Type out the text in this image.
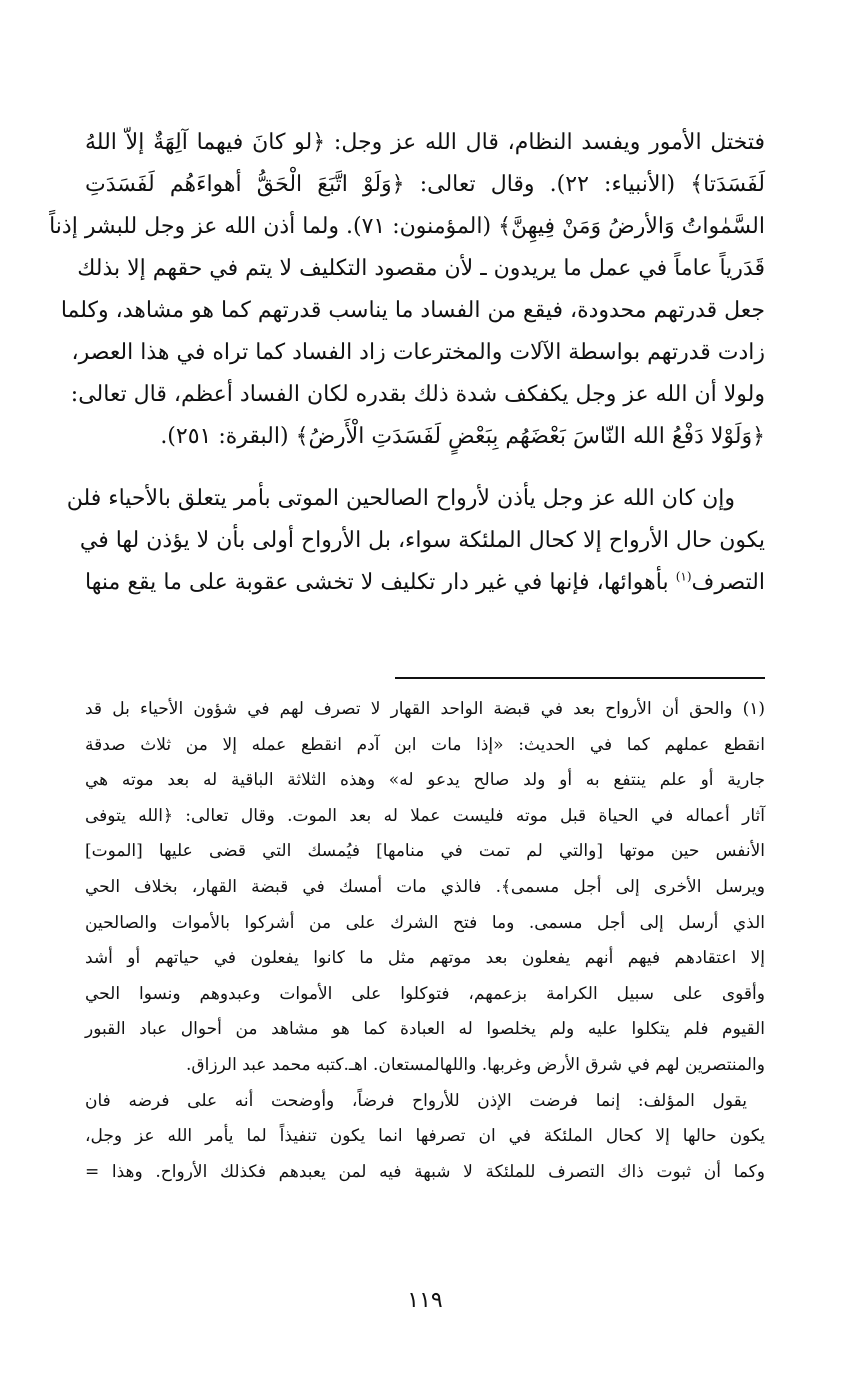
فتختل الأمور ويفسد النظام، قال الله عز وجل: ﴿لو كانَ فيهما آلِهَةٌ إلاّ اللهُ
لَفَسَدَتا﴾ (الأنبياء: ٢٢). وقال تعالى: ﴿وَلَوْ اتَّبَعَ الْحَقُّ أهواءَهُم لَفَسَدَتِ
السَّمٰواتُ وَالأرضُ وَمَنْ فِيهِنَّ﴾ (المؤمنون: ٧١). ولما أذن الله عز وجل للبشر إذناً
قَدَرياً عاماً في عمل ما يريدون ـ لأن مقصود التكليف لا يتم في حقهم إلا بذلك
جعل قدرتهم محدودة، فيقع من الفساد ما يناسب قدرتهم كما هو مشاهد، وكلما
زادت قدرتهم بواسطة الآلات والمخترعات زاد الفساد كما تراه في هذا العصر،
ولولا أن الله عز وجل يكفكف شدة ذلك بقدره لكان الفساد أعظم، قال تعالى:
﴿وَلَوْلا دَفْعُ الله النّاسَ بَعْضَهُم بِبَعْضٍ لَفَسَدَتِ الْأَرضُ﴾ (البقرة: ٢٥١).
وإن كان الله عز وجل يأذن لأرواح الصالحين الموتى بأمر يتعلق بالأحياء فلن
يكون حال الأرواح إلا كحال الملئكة سواء، بل الأرواح أولى بأن لا يؤذن لها في
التصرف$^{(١)}$ بأهوائها، فإنها في غير دار تكليف لا تخشى عقوبة على ما يقع منها
(١) والحق أن الأرواح بعد في قبضة الواحد القهار لا تصرف لهم في شؤون الأحياء بل قد
انقطع عملهم كما في الحديث: «إذا مات ابن آدم انقطع عمله إلا من ثلاث صدقة
جارية أو علم ينتفع به أو ولد صالح يدعو له» وهذه الثلاثة الباقية له بعد موته هي
آثار أعماله في الحياة قبل موته فليست عملا له بعد الموت. وقال تعالى: ﴿الله يتوفى
الأنفس حين موتها [والتي لم تمت في منامها] فيُمسك التي قضى عليها [الموت]
ويرسل الأخرى إلى أجل مسمى﴾. فالذي مات أمسك في قبضة القهار، بخلاف الحي
الذي أرسل إلى أجل مسمى. وما فتح الشرك على من أشركوا بالأموات والصالحين
إلا اعتقادهم فيهم أنهم يفعلون بعد موتهم مثل ما كانوا يفعلون في حياتهم أو أشد
وأقوى على سبيل الكرامة بزعمهم، فتوكلوا على الأموات وعبدوهم ونسوا الحي
القيوم فلم يتكلوا عليه ولم يخلصوا له العبادة كما هو مشاهد من أحوال عباد القبور
والمنتصرين لهم في شرق الأرض وغربها. واللهالمستعان. اهـ.كتبه محمد عبد الرزاق.
يقول المؤلف: إنما فرضت الإذن للأرواح فرضاً، وأوضحت أنه على فرضه فان
يكون حالها إلا كحال الملئكة في ان تصرفها انما يكون تنفيذاً لما يأمر الله عز وجل،
وكما أن ثبوت ذاك التصرف للملئكة لا شبهة فيه لمن يعبدهم فكذلك الأرواح. وهذا =
١١٩
